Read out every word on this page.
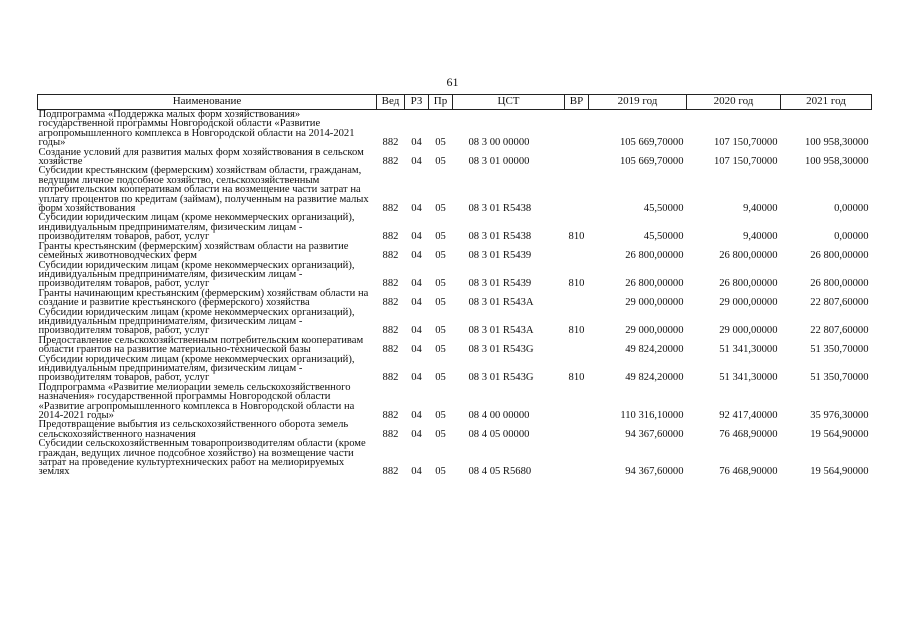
61
Наименование	Вед	РЗ	Пр	ЦСТ	ВР	2019 год	2020 год	2021 год
Подпрограмма «Поддержка малых форм хозяйствования» государственной программы Новгородской области «Развитие агропромышленного комплекса в Новгородской области на 2014-2021 годы»	882	04	05	08 3 00 00000		105 669,70000	107 150,70000	100 958,30000
Создание условий для развития малых форм хозяйствования в сельском хозяйстве	882	04	05	08 3 01 00000		105 669,70000	107 150,70000	100 958,30000
Субсидии крестьянским (фермерским) хозяйствам области, гражданам, ведущим личное подсобное хозяйство, сельскохозяйственным потребительским кооперативам области на возмещение части затрат на уплату процентов по кредитам (займам), полученным на развитие малых форм хозяйствования	882	04	05	08 3 01 R5438		45,50000	9,40000	0,00000
Субсидии юридическим лицам (кроме некоммерческих организаций), индивидуальным предпринимателям, физическим лицам - производителям товаров, работ, услуг	882	04	05	08 3 01 R5438	810	45,50000	9,40000	0,00000
Гранты крестьянским (фермерским) хозяйствам области на развитие семейных животноводческих ферм	882	04	05	08 3 01 R5439		26 800,00000	26 800,00000	26 800,00000
Субсидии юридическим лицам (кроме некоммерческих организаций), индивидуальным предпринимателям, физическим лицам - производителям товаров, работ, услуг	882	04	05	08 3 01 R5439	810	26 800,00000	26 800,00000	26 800,00000
Гранты начинающим крестьянским (фермерским) хозяйствам области на создание и развитие крестьянского (фермерского) хозяйства	882	04	05	08 3 01 R543A		29 000,00000	29 000,00000	22 807,60000
Субсидии юридическим лицам (кроме некоммерческих организаций), индивидуальным предпринимателям, физическим лицам - производителям товаров, работ, услуг	882	04	05	08 3 01 R543A	810	29 000,00000	29 000,00000	22 807,60000
Предоставление сельскохозяйственным потребительским кооперативам области грантов на развитие материально-технической базы	882	04	05	08 3 01 R543G		49 824,20000	51 341,30000	51 350,70000
Субсидии юридическим лицам (кроме некоммерческих организаций), индивидуальным предпринимателям, физическим лицам - производителям товаров, работ, услуг	882	04	05	08 3 01 R543G	810	49 824,20000	51 341,30000	51 350,70000
Подпрограмма «Развитие мелиорации земель сельскохозяйственного назначения» государственной программы Новгородской области «Развитие агропромышленного комплекса в Новгородской области на 2014-2021 годы»	882	04	05	08 4 00 00000		110 316,10000	92 417,40000	35 976,30000
Предотвращение выбытия из сельскохозяйственного оборота земель сельскохозяйственного назначения	882	04	05	08 4 05 00000		94 367,60000	76 468,90000	19 564,90000
Субсидии сельскохозяйственным товаропроизводителям области (кроме граждан, ведущих личное подсобное хозяйство) на возмещение части затрат на проведение культуртехнических работ на мелиорируемых землях	882	04	05	08 4 05 R5680		94 367,60000	76 468,90000	19 564,90000
